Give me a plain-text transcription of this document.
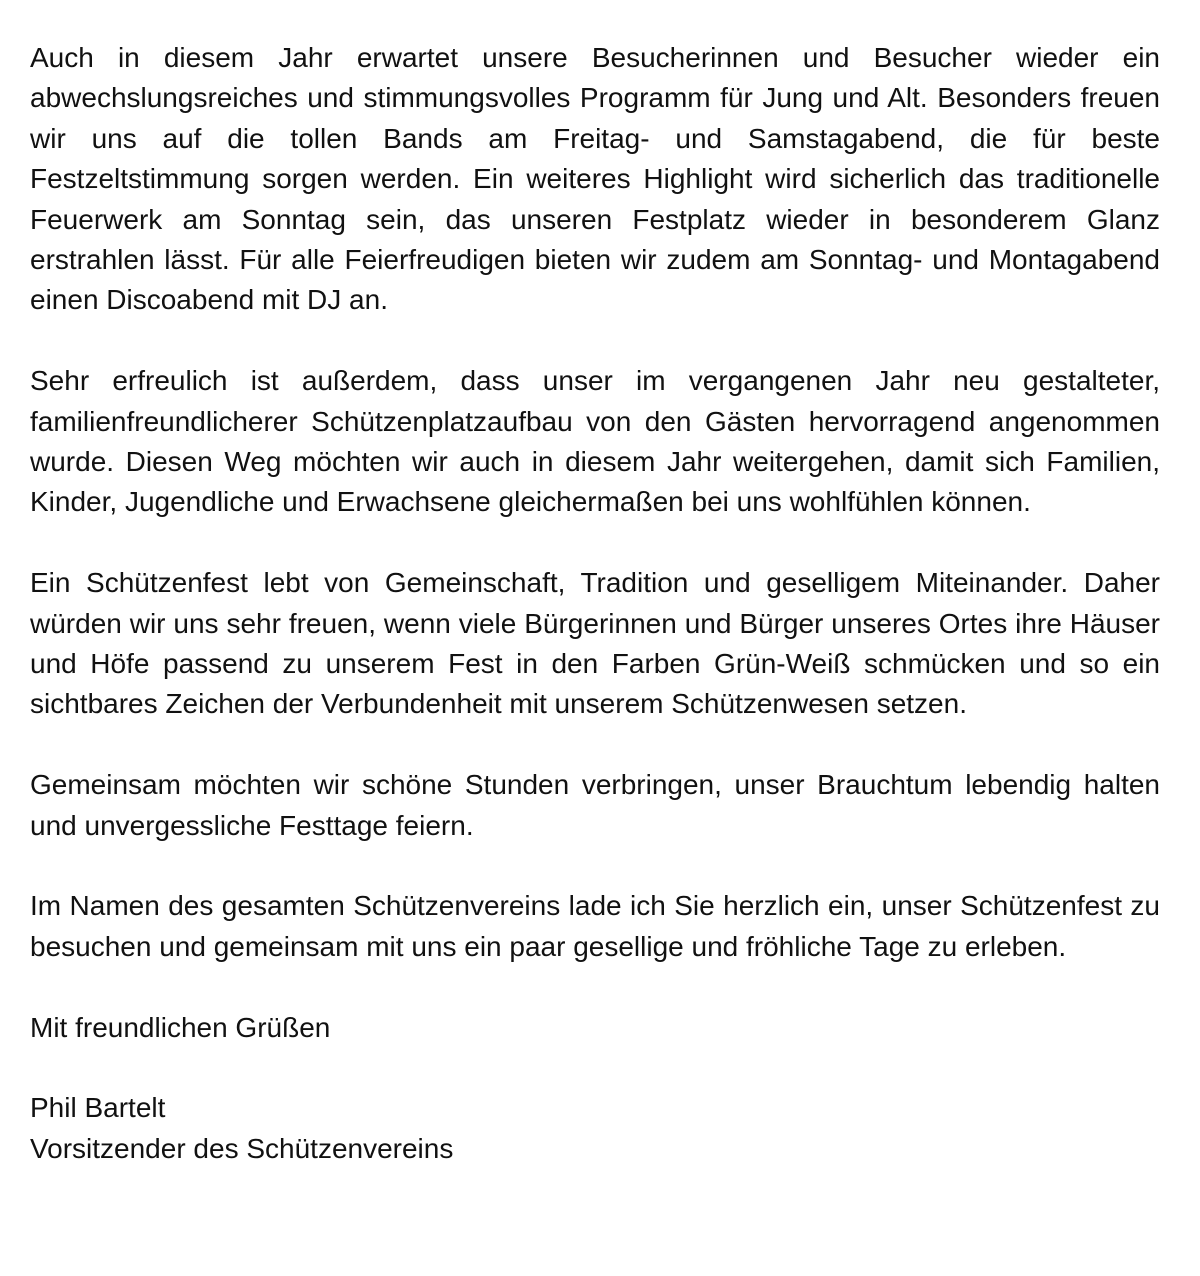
Auch in diesem Jahr erwartet unsere Besucherinnen und Besucher wieder ein abwechslungsreiches und stimmungsvolles Programm für Jung und Alt. Besonders freuen wir uns auf die tollen Bands am Freitag- und Samstagabend, die für beste Festzeltstimmung sorgen werden. Ein weiteres Highlight wird sicherlich das traditionelle Feuerwerk am Sonntag sein, das unseren Festplatz wieder in besonderem Glanz erstrahlen lässt. Für alle Feierfreudigen bieten wir zudem am Sonntag- und Montagabend einen Discoabend mit DJ an.

Sehr erfreulich ist außerdem, dass unser im vergangenen Jahr neu gestalteter, familienfreundlicherer Schützenplatzaufbau von den Gästen hervorragend angenommen wurde. Diesen Weg möchten wir auch in diesem Jahr weitergehen, damit sich Familien, Kinder, Jugendliche und Erwachsene gleichermaßen bei uns wohlfühlen können.

Ein Schützenfest lebt von Gemeinschaft, Tradition und geselligem Miteinander. Daher würden wir uns sehr freuen, wenn viele Bürgerinnen und Bürger unseres Ortes ihre Häuser und Höfe passend zu unserem Fest in den Farben Grün-Weiß schmücken und so ein sichtbares Zeichen der Verbundenheit mit unserem Schützenwesen setzen.

Gemeinsam möchten wir schöne Stunden verbringen, unser Brauchtum lebendig halten und unvergessliche Festtage feiern.

Im Namen des gesamten Schützenvereins lade ich Sie herzlich ein, unser Schützenfest zu besuchen und gemeinsam mit uns ein paar gesellige und fröhliche Tage zu erleben.

Mit freundlichen Grüßen

Phil Bartelt
Vorsitzender des Schützenvereins
